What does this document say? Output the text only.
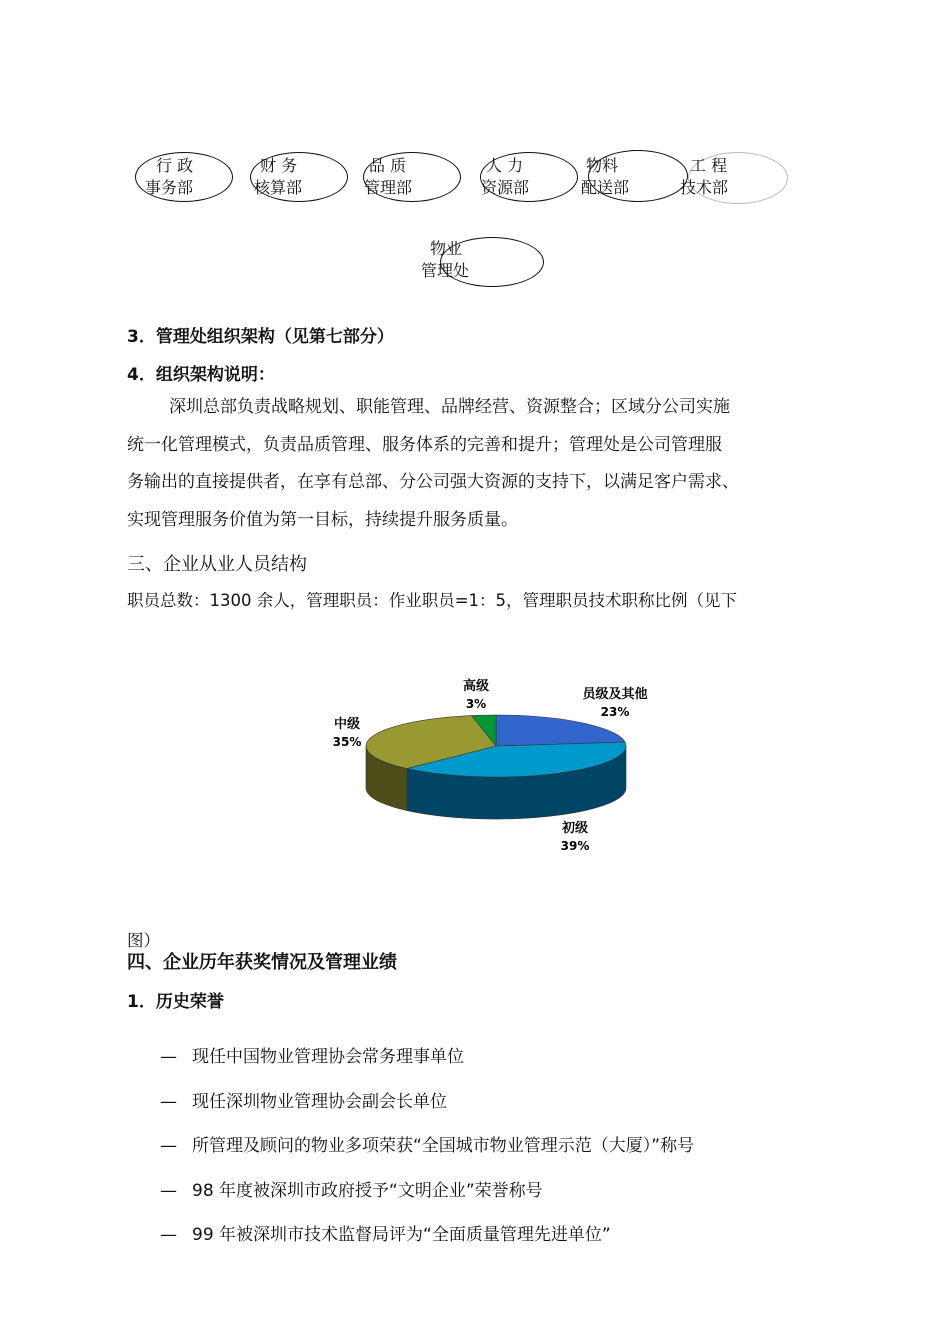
行 政
事务部
财 务
核算部
品 质
管理部
人 力
资源部
物料
配送部
工 程
技术部
物业
管理处
3．管理处组织架构（见第七部分）
4．组织架构说明：

深圳总部负责战略规划、职能管理、品牌经营、资源整合；区域分公司实施

统一化管理模式，负责品质管理、服务体系的完善和提升；管理处是公司管理服

务输出的直接提供者，在享有总部、分公司强大资源的支持下，以满足客户需求、

实现管理服务价值为第一目标，持续提升服务质量。

三、企业从业人员结构
职员总数：1300 余人，管理职员：作业职员=1：5，管理职员技术职称比例（见下
员级及其他
23%
初级
39%
中级
35%
高级
3%
图）
四、企业历年获奖情况及管理业绩
1．历史荣誉
— 现任中国物业管理协会常务理事单位
— 现任深圳物业管理协会副会长单位
— 所管理及顾问的物业多项荣获“全国城市物业管理示范（大厦）”称号
— 98 年度被深圳市政府授予“文明企业”荣誉称号
— 99 年被深圳市技术监督局评为“全面质量管理先进单位”
